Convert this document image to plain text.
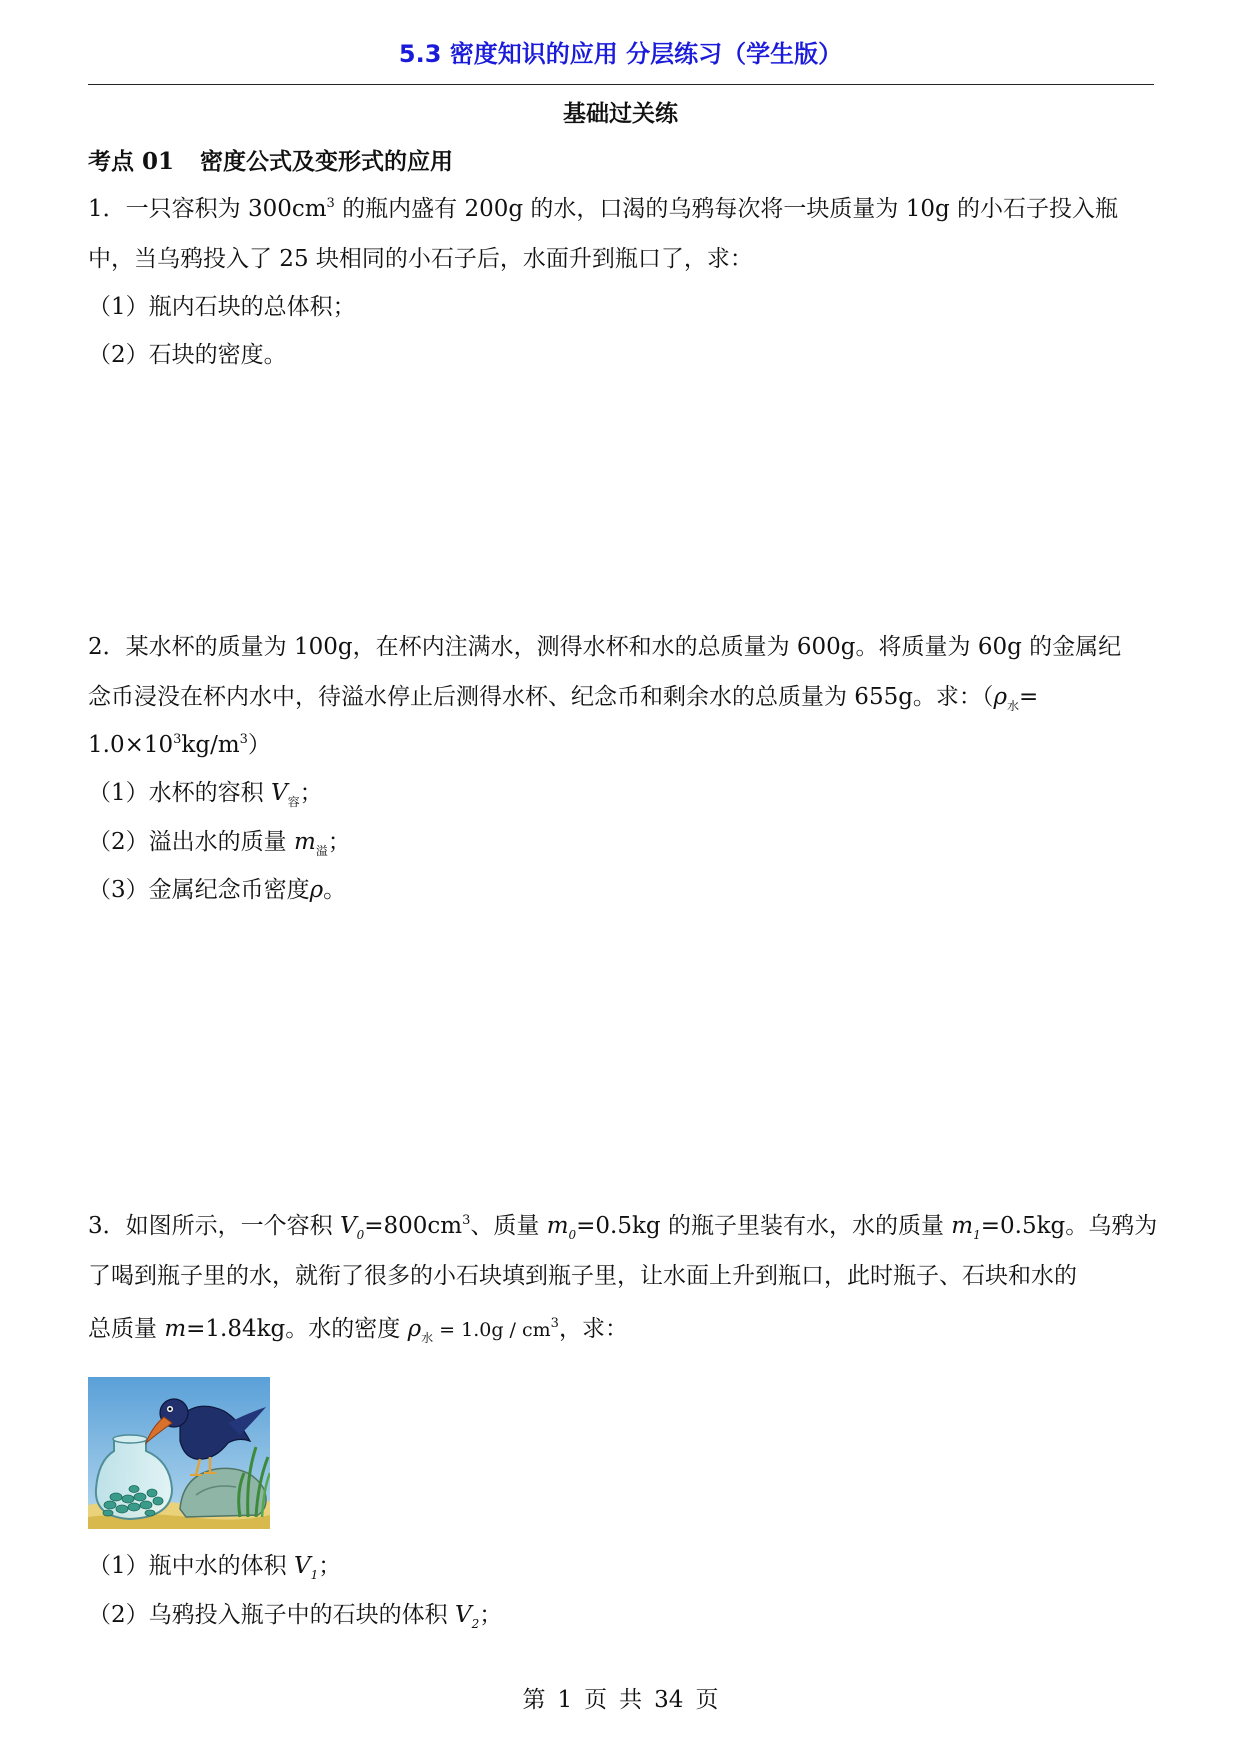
5.3 密度知识的应用 分层练习（学生版）
基础过关练
考点 01 密度公式及变形式的应用
1．一只容积为 $300cm^3$ 的瓶内盛有 200g 的水，口渴的乌鸦每次将一块质量为 10g 的小石子投入瓶
中，当乌鸦投入了 25 块相同的小石子后，水面升到瓶口了，求：
（1）瓶内石块的总体积；
（2）石块的密度。
2．某水杯的质量为 100g，在杯内注满水，测得水杯和水的总质量为 600g。将质量为 60g 的金属纪
念币浸没在杯内水中，待溢水停止后测得水杯、纪念币和剩余水的总质量为 655g。求：（$\rho_水=$
$1.0\times 10^3kg/m^3$）
（1）水杯的容积 $V_容$；
（2）溢出水的质量 $m_溢$；
（3）金属纪念币密度ρ。
3．如图所示，一个容积 $V_0=800cm^3$、质量 $m_0=0.5kg$ 的瓶子里装有水，水的质量 $m_1=0.5kg$。乌鸦为
了喝到瓶子里的水，就衔了很多的小石块填到瓶子里，让水面上升到瓶口，此时瓶子、石块和水的
总质量 m=1.84kg。水的密度 $\rho_水 = 1.0g / cm^3$，求：
（1）瓶中水的体积 $V_1$；
（2）乌鸦投入瓶子中的石块的体积 $V_2$；
第 1 页 共 34 页
